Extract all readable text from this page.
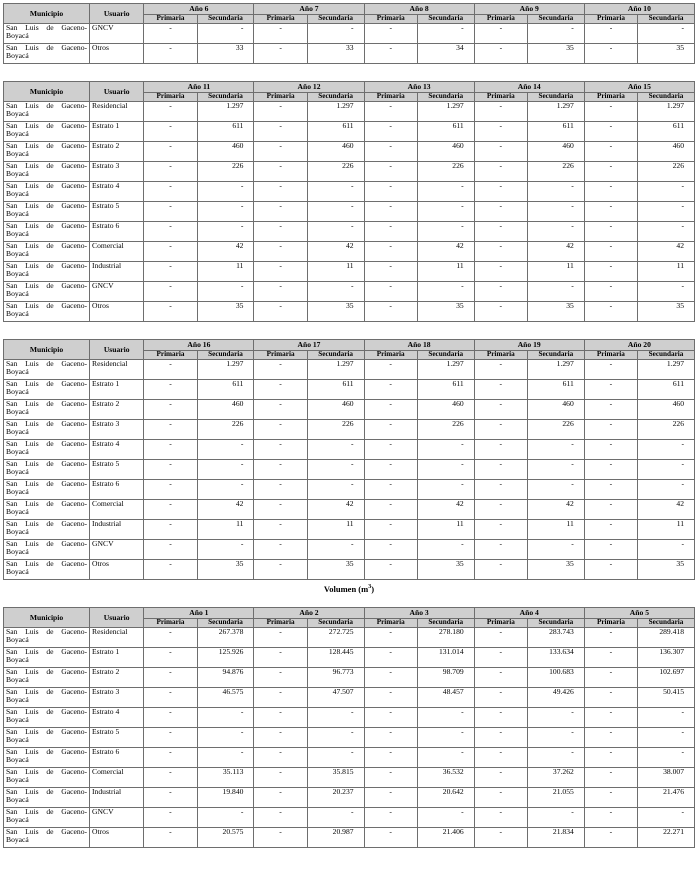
Municipio	Usuario	Año 6		Año 7		Año 8		Año 9		Año 10	
		Primaria	Secundaria	Primaria	Secundaria	Primaria	Secundaria	Primaria	Secundaria	Primaria	Secundaria
San Luis de Gaceno-Boyacá	GNCV	-	-	-	-	-	-	-	-	-	-
San Luis de Gaceno-Boyacá	Otros	-	33	-	33	-	34	-	35	-	35
Municipio	Usuario	Año 11		Año 12		Año 13		Año 14		Año 15	
		Primaria	Secundaria	Primaria	Secundaria	Primaria	Secundaria	Primaria	Secundaria	Primaria	Secundaria
San Luis de Gaceno-Boyacá	Residencial	-	1.297	-	1.297	-	1.297	-	1.297	-	1.297
San Luis de Gaceno-Boyacá	Estrato 1	-	611	-	611	-	611	-	611	-	611
San Luis de Gaceno-Boyacá	Estrato 2	-	460	-	460	-	460	-	460	-	460
San Luis de Gaceno-Boyacá	Estrato 3	-	226	-	226	-	226	-	226	-	226
San Luis de Gaceno-Boyacá	Estrato 4	-	-	-	-	-	-	-	-	-	-
San Luis de Gaceno-Boyacá	Estrato 5	-	-	-	-	-	-	-	-	-	-
San Luis de Gaceno-Boyacá	Estrato 6	-	-	-	-	-	-	-	-	-	-
San Luis de Gaceno-Boyacá	Comercial	-	42	-	42	-	42	-	42	-	42
San Luis de Gaceno-Boyacá	Industrial	-	11	-	11	-	11	-	11	-	11
San Luis de Gaceno-Boyacá	GNCV	-	-	-	-	-	-	-	-	-	-
San Luis de Gaceno-Boyacá	Otros	-	35	-	35	-	35	-	35	-	35
Municipio	Usuario	Año 16		Año 17		Año 18		Año 19		Año 20	
		Primaria	Secundaria	Primaria	Secundaria	Primaria	Secundaria	Primaria	Secundaria	Primaria	Secundaria
San Luis de Gaceno-Boyacá	Residencial	-	1.297	-	1.297	-	1.297	-	1.297	-	1.297
San Luis de Gaceno-Boyacá	Estrato 1	-	611	-	611	-	611	-	611	-	611
San Luis de Gaceno-Boyacá	Estrato 2	-	460	-	460	-	460	-	460	-	460
San Luis de Gaceno-Boyacá	Estrato 3	-	226	-	226	-	226	-	226	-	226
San Luis de Gaceno-Boyacá	Estrato 4	-	-	-	-	-	-	-	-	-	-
San Luis de Gaceno-Boyacá	Estrato 5	-	-	-	-	-	-	-	-	-	-
San Luis de Gaceno-Boyacá	Estrato 6	-	-	-	-	-	-	-	-	-	-
San Luis de Gaceno-Boyacá	Comercial	-	42	-	42	-	42	-	42	-	42
San Luis de Gaceno-Boyacá	Industrial	-	11	-	11	-	11	-	11	-	11
San Luis de Gaceno-Boyacá	GNCV	-	-	-	-	-	-	-	-	-	-
San Luis de Gaceno-Boyacá	Otros	-	35	-	35	-	35	-	35	-	35
Volumen $(m^3)$
Municipio	Usuario	Año 1		Año 2		Año 3		Año 4		Año 5	
		Primaria	Secundaria	Primaria	Secundaria	Primaria	Secundaria	Primaria	Secundaria	Primaria	Secundaria
San Luis de Gaceno-Boyacá	Residencial	-	267.378	-	272.725	-	278.180	-	283.743	-	289.418
San Luis de Gaceno-Boyacá	Estrato 1	-	125.926	-	128.445	-	131.014	-	133.634	-	136.307
San Luis de Gaceno-Boyacá	Estrato 2	-	94.876	-	96.773	-	98.709	-	100.683	-	102.697
San Luis de Gaceno-Boyacá	Estrato 3	-	46.575	-	47.507	-	48.457	-	49.426	-	50.415
San Luis de Gaceno-Boyacá	Estrato 4	-	-	-	-	-	-	-	-	-	-
San Luis de Gaceno-Boyacá	Estrato 5	-	-	-	-	-	-	-	-	-	-
San Luis de Gaceno-Boyacá	Estrato 6	-	-	-	-	-	-	-	-	-	-
San Luis de Gaceno-Boyacá	Comercial	-	35.113	-	35.815	-	36.532	-	37.262	-	38.007
San Luis de Gaceno-Boyacá	Industrial	-	19.840	-	20.237	-	20.642	-	21.055	-	21.476
San Luis de Gaceno-Boyacá	GNCV	-	-	-	-	-	-	-	-	-	-
San Luis de Gaceno-Boyacá	Otros	-	20.575	-	20.987	-	21.406	-	21.834	-	22.271
